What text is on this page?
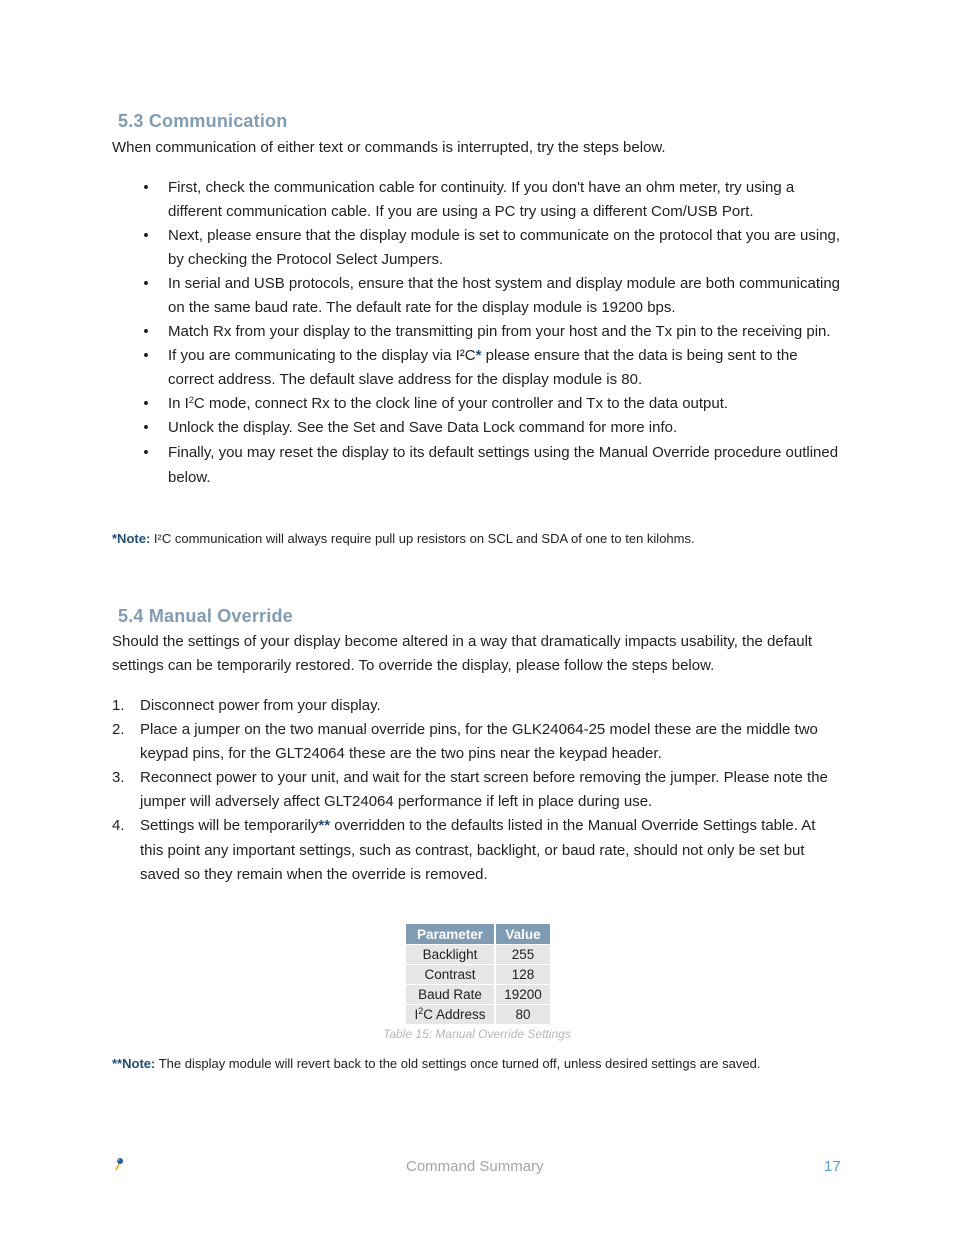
5.3 Communication

When communication of either text or commands is interrupted, try the steps below.

• First, check the communication cable for continuity. If you don't have an ohm meter, try using a different communication cable. If you are using a PC try using a different Com/USB Port.
• Next, please ensure that the display module is set to communicate on the protocol that you are using, by checking the Protocol Select Jumpers.
• In serial and USB protocols, ensure that the host system and display module are both communicating on the same baud rate. The default rate for the display module is 19200 bps.
• Match Rx from your display to the transmitting pin from your host and the Tx pin to the receiving pin.
• If you are communicating to the display via I²C* please ensure that the data is being sent to the correct address. The default slave address for the display module is 80.
• In $I^2C$ mode, connect Rx to the clock line of your controller and Tx to the data output.
• Unlock the display. See the Set and Save Data Lock command for more info.
• Finally, you may reset the display to its default settings using the Manual Override procedure outlined below.

*Note: I²C communication will always require pull up resistors on SCL and SDA of one to ten kilohms.

5.4 Manual Override

Should the settings of your display become altered in a way that dramatically impacts usability, the default settings can be temporarily restored. To override the display, please follow the steps below.

1. Disconnect power from your display.
2. Place a jumper on the two manual override pins, for the GLK24064-25 model these are the middle two keypad pins, for the GLT24064 these are the two pins near the keypad header.
3. Reconnect power to your unit, and wait for the start screen before removing the jumper. Please note the jumper will adversely affect GLT24064 performance if left in place during use.
4. Settings will be temporarily** overridden to the defaults listed in the Manual Override Settings table. At this point any important settings, such as contrast, backlight, or baud rate, should not only be set but saved so they remain when the override is removed.
Parameter	Value
Backlight	255
Contrast	128
Baud Rate	19200
$I^2C$ Address	80
Table 15: Manual Override Settings

**Note: The display module will revert back to the old settings once turned off, unless desired settings are saved.

Command Summary	17
